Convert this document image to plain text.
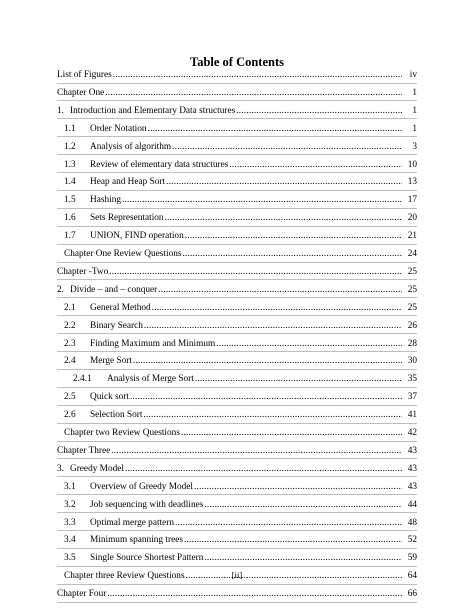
Table of Contents
List of Figures .....	iv
Chapter One .....	1
1. Introduction and Elementary Data structures .....	1
1.1 Order Notation .....	1
1.2 Analysis of algorithm .....	3
1.3 Review of elementary data structures .....	10
1.4 Heap and Heap Sort .....	13
1.5 Hashing .....	17
1.6 Sets Representation .....	20
1.7 UNION, FIND operation .....	21
Chapter One Review Questions .....	24
Chapter -Two .....	25
2. Divide – and – conquer .....	25
2.1 General Method .....	25
2.2 Binary Search .....	26
2.3 Finding Maximum and Minimum .....	28
2.4 Merge Sort .....	30
2.4.1 Analysis of Merge Sort .....	35
2.5 Quick sort .....	37
2.6 Selection Sort .....	41
Chapter two Review Questions .....	42
Chapter Three .....	43
3. Greedy Model .....	43
3.1 Overview of Greedy Model .....	43
3.2 Job sequencing with deadlines .....	44
3.3 Optimal merge pattern .....	48
3.4 Minimum spanning trees .....	52
3.5 Single Source Shortest Pattern .....	59
Chapter three Review Questions .....	64
Chapter Four .....	66
[ii]
